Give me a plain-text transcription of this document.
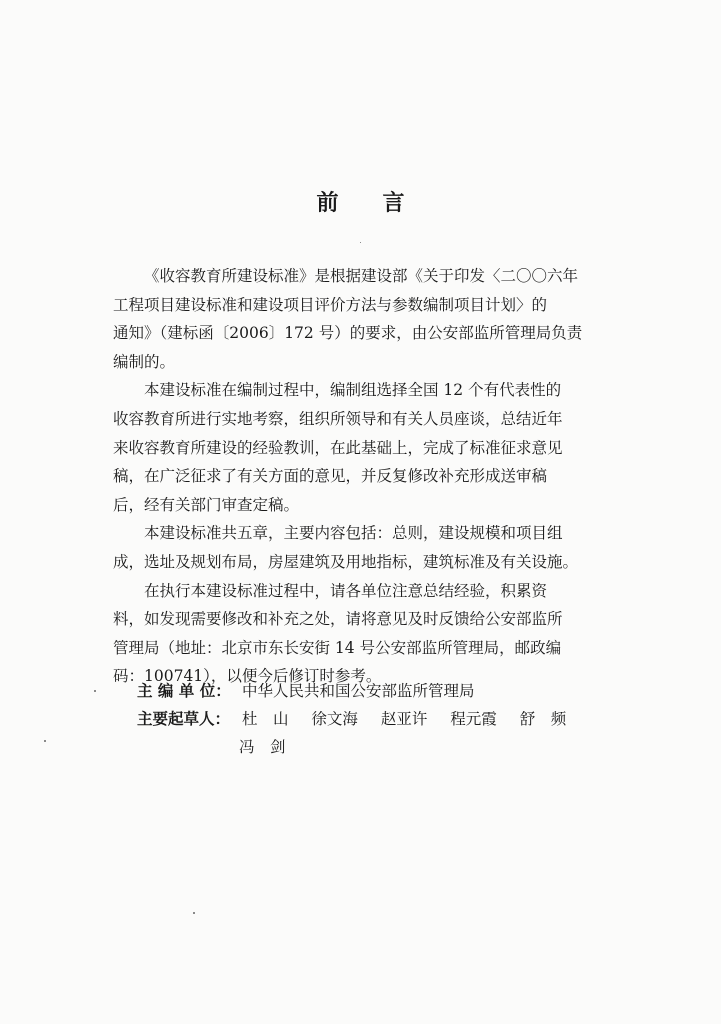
前 言

《收容教育所建设标准》是根据建设部《关于印发〈二〇〇六年
工程项目建设标准和建设项目评价方法与参数编制项目计划〉的
通知》（建标函〔2006〕172 号）的要求，由公安部监所管理局负责
编制的。

本建设标准在编制过程中，编制组选择全国 12 个有代表性的
收容教育所进行实地考察，组织所领导和有关人员座谈，总结近年
来收容教育所建设的经验教训，在此基础上，完成了标准征求意见
稿，在广泛征求了有关方面的意见，并反复修改补充形成送审稿
后，经有关部门审查定稿。

本建设标准共五章，主要内容包括：总则，建设规模和项目组
成，选址及规划布局，房屋建筑及用地指标，建筑标准及有关设施。

在执行本建设标准过程中，请各单位注意总结经验，积累资
料，如发现需要修改和补充之处，请将意见及时反馈给公安部监所
管理局（地址：北京市东长安街 14 号公安部监所管理局，邮政编
码：100741），以便今后修订时参考。

主 编 单 位： 中华人民共和国公安部监所管理局
主要起草人： 杜　山 徐文海 赵亚许 程元霞 舒　频
冯　剑
